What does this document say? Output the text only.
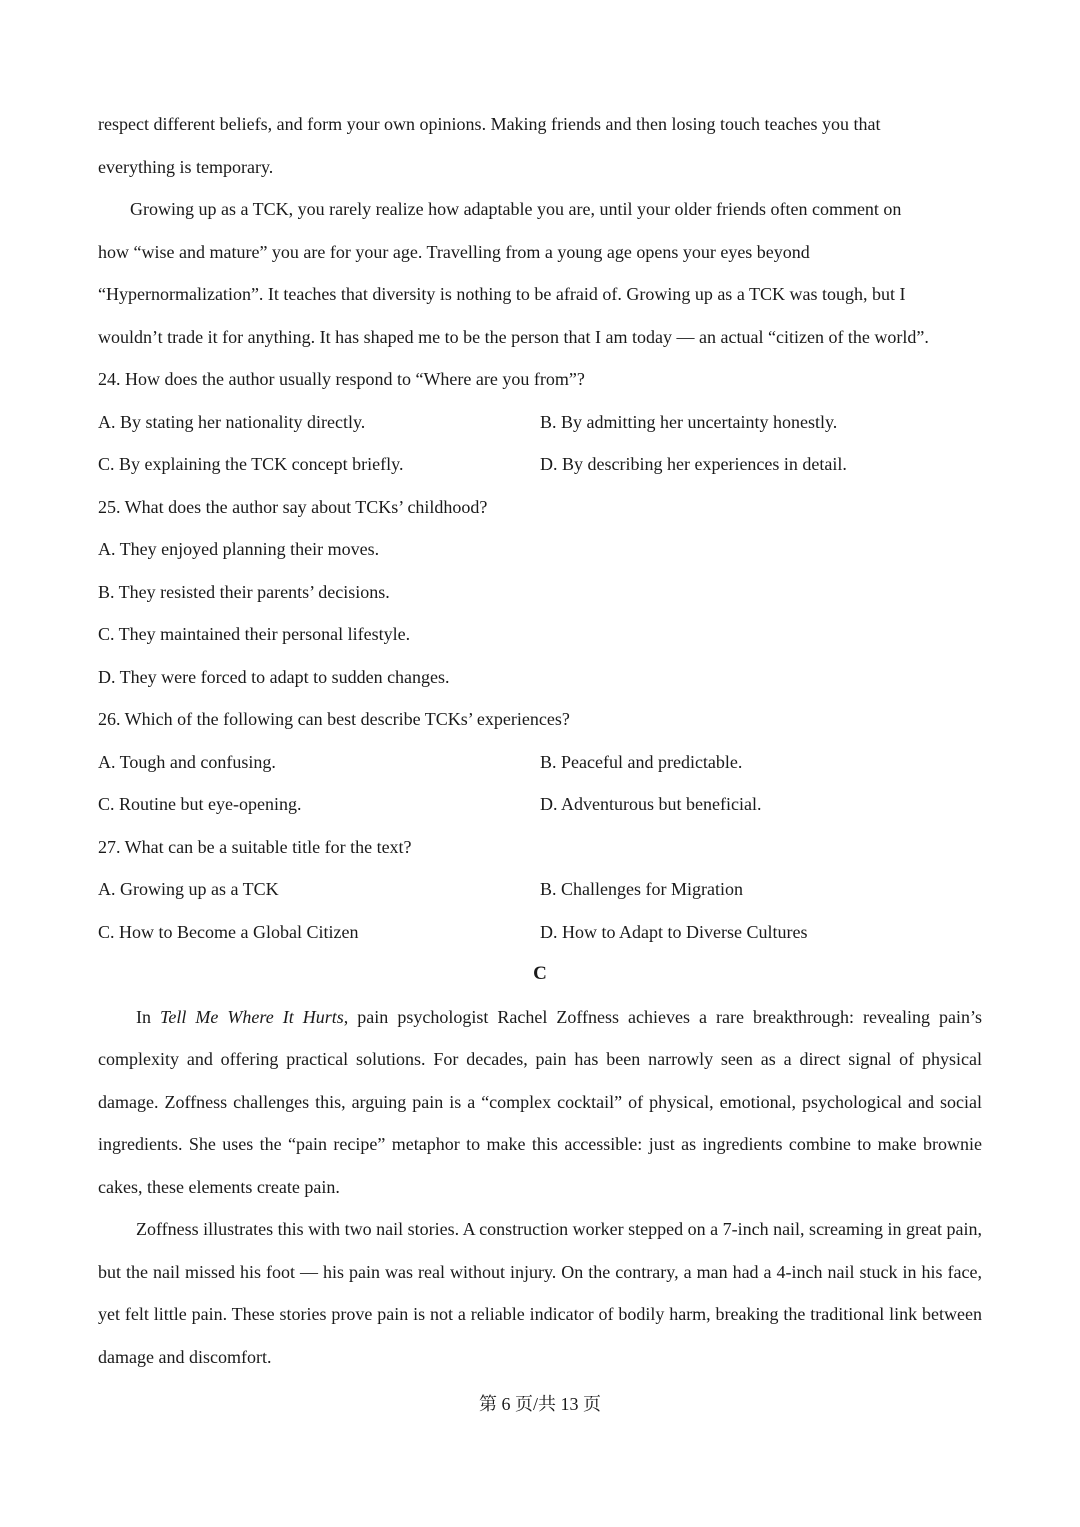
respect different beliefs, and form your own opinions. Making friends and then losing touch teaches you that
everything is temporary.
Growing up as a TCK, you rarely realize how adaptable you are, until your older friends often comment on
how “wise and mature” you are for your age. Travelling from a young age opens your eyes beyond
“Hypernormalization”. It teaches that diversity is nothing to be afraid of. Growing up as a TCK was tough, but I
wouldn’t trade it for anything. It has shaped me to be the person that I am today — an actual “citizen of the world”.
24. How does the author usually respond to “Where are you from”?
A. By stating her nationality directly.	B. By admitting her uncertainty honestly.
C. By explaining the TCK concept briefly.	D. By describing her experiences in detail.
25. What does the author say about TCKs’ childhood?
A. They enjoyed planning their moves.
B. They resisted their parents’ decisions.
C. They maintained their personal lifestyle.
D. They were forced to adapt to sudden changes.
26. Which of the following can best describe TCKs’ experiences?
A. Tough and confusing.	B. Peaceful and predictable.
C. Routine but eye-opening.	D. Adventurous but beneficial.
27. What can be a suitable title for the text?
A. Growing up as a TCK	B. Challenges for Migration
C. How to Become a Global Citizen	D. How to Adapt to Diverse Cultures
C
In Tell Me Where It Hurts, pain psychologist Rachel Zoffness achieves a rare breakthrough: revealing pain’s complexity and offering practical solutions. For decades, pain has been narrowly seen as a direct signal of physical damage. Zoffness challenges this, arguing pain is a “complex cocktail” of physical, emotional, psychological and social ingredients. She uses the “pain recipe” metaphor to make this accessible: just as ingredients combine to make brownie cakes, these elements create pain.
Zoffness illustrates this with two nail stories. A construction worker stepped on a 7-inch nail, screaming in great pain, but the nail missed his foot — his pain was real without injury. On the contrary, a man had a 4-inch nail stuck in his face, yet felt little pain. These stories prove pain is not a reliable indicator of bodily harm, breaking the traditional link between damage and discomfort.
第 6 页/共 13 页
